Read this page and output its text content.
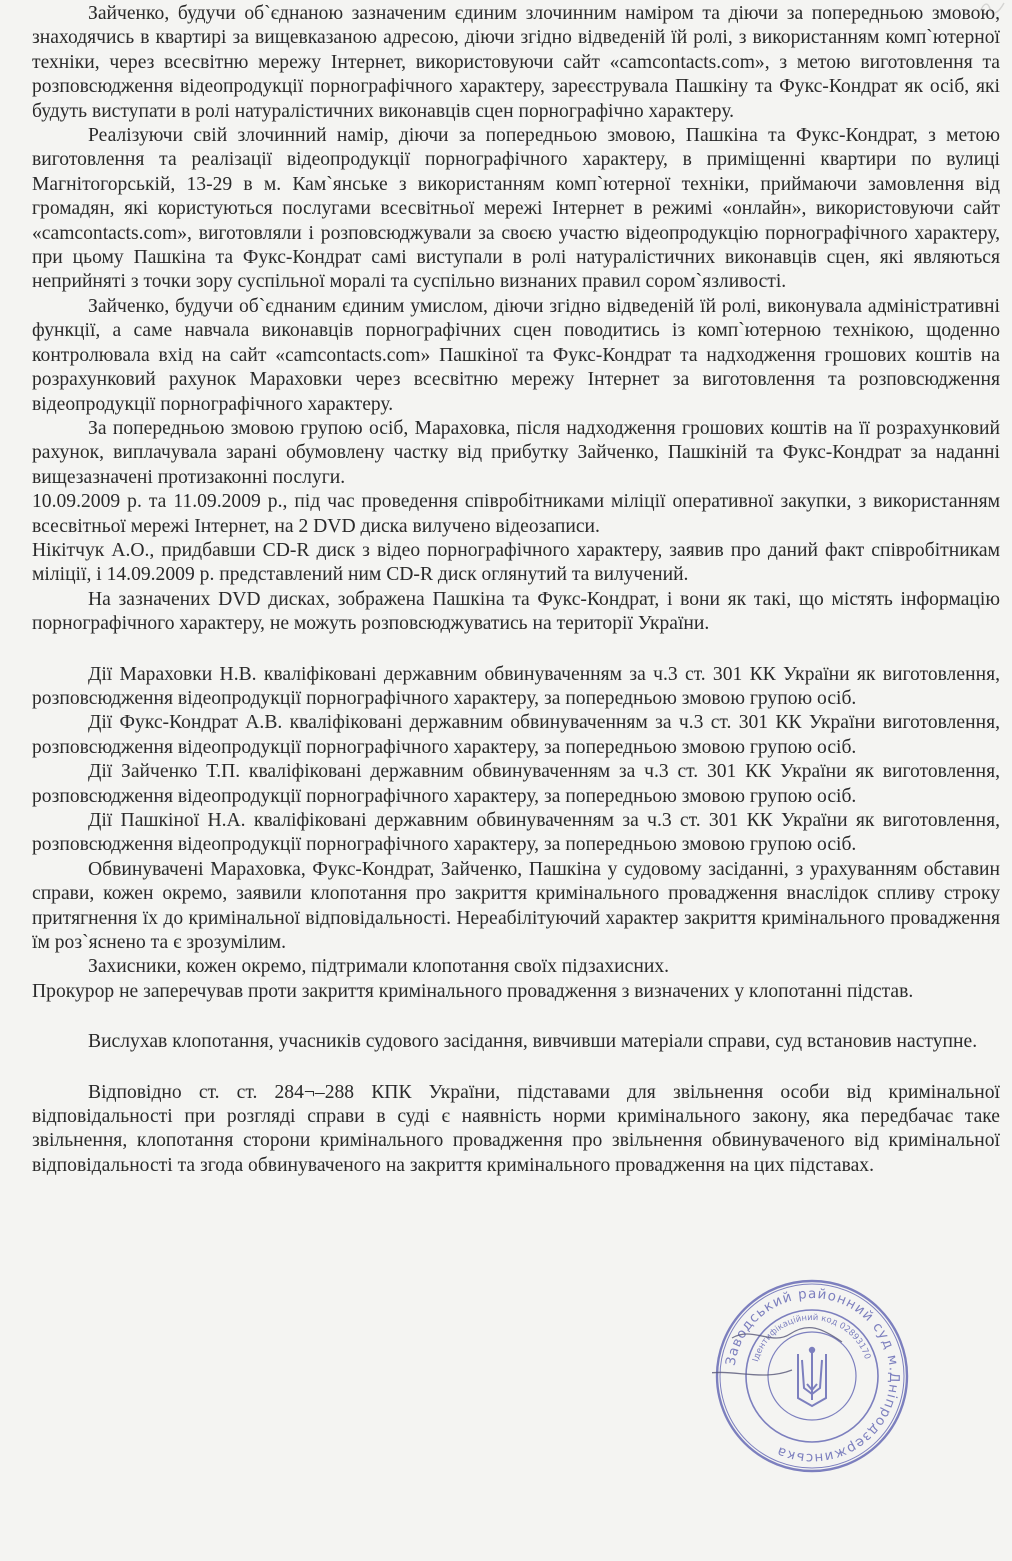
Зайченко, будучи об`єднаною зазначеним єдиним злочинним наміром та діючи за попередньою змовою, знаходячись в квартирі за вищевказаною адресою, діючи згідно відведеній їй ролі, з використанням комп`ютерної техніки, через всесвітню мережу Інтернет, використовуючи сайт «camcontacts.com», з метою виготовлення та розповсюдження відеопродукції порнографічного характеру, зареєструвала Пашкіну та Фукс-Кондрат як осіб, які будуть виступати в ролі натуралістичних виконавців сцен порнографічно характеру.

Реалізуючи свій злочинний намір, діючи за попередньою змовою, Пашкіна та Фукс-Кондрат, з метою виготовлення та реалізації відеопродукції порнографічного характеру, в приміщенні квартири по вулиці Магнітогорській, 13-29 в м. Кам`янське з використанням комп`ютерної техніки, приймаючи замовлення від громадян, які користуються послугами всесвітньої мережі Інтернет в режимі «онлайн», використовуючи сайт «camcontacts.com», виготовляли і розповсюджували за своєю участю відеопродукцію порнографічного характеру, при цьому Пашкіна та Фукс-Кондрат самі виступали в ролі натуралістичних виконавців сцен, які являються неприйняті з точки зору суспільної моралі та суспільно визнаних правил сором`язливості.

Зайченко, будучи об`єднаним єдиним умислом, діючи згідно відведеній їй ролі, виконувала адміністративні функції, а саме навчала виконавців порнографічних сцен поводитись із комп`ютерною технікою, щоденно контролювала вхід на сайт «camcontacts.com» Пашкіної та Фукс-Кондрат та надходження грошових коштів на розрахунковий рахунок Мараховки через всесвітню мережу Інтернет за виготовлення та розповсюдження відеопродукції порнографічного характеру.

За попередньою змовою групою осіб, Мараховка, після надходження грошових коштів на її розрахунковий рахунок, виплачувала зарані обумовлену частку від прибутку Зайченко, Пашкіній та Фукс-Кондрат за наданні вищезазначені протизаконні послуги.

10.09.2009 р. та 11.09.2009 р., під час проведення співробітниками міліції оперативної закупки, з використанням всесвітньої мережі Інтернет, на 2 DVD диска вилучено відеозаписи.

Нікітчук А.О., придбавши CD-R диск з відео порнографічного характеру, заявив про даний факт співробітникам міліції, і 14.09.2009 р. представлений ним CD-R диск оглянутий та вилучений.

На зазначених DVD дисках, зображена Пашкіна та Фукс-Кондрат, і вони як такі, що містять інформацію порнографічного характеру, не можуть розповсюджуватись на території України.

Дії Мараховки Н.В. кваліфіковані державним обвинуваченням за ч.3 ст. 301 КК України як виготовлення, розповсюдження відеопродукції порнографічного характеру, за попередньою змовою групою осіб.

Дії Фукс-Кондрат А.В. кваліфіковані державним обвинуваченням за ч.3 ст. 301 КК України виготовлення, розповсюдження відеопродукції порнографічного характеру, за попередньою змовою групою осіб.

Дії Зайченко Т.П. кваліфіковані державним обвинуваченням за ч.3 ст. 301 КК України як виготовлення, розповсюдження відеопродукції порнографічного характеру, за попередньою змовою групою осіб.

Дії Пашкіної Н.А. кваліфіковані державним обвинуваченням за ч.3 ст. 301 КК України як виготовлення, розповсюдження відеопродукції порнографічного характеру, за попередньою змовою групою осіб.

Обвинувачені Мараховка, Фукс-Кондрат, Зайченко, Пашкіна у судовому засіданні, з урахуванням обставин справи, кожен окремо, заявили клопотання про закриття кримінального провадження внаслідок спливу строку притягнення їх до кримінальної відповідальності. Нереабілітуючий характер закриття кримінального провадження їм роз`яснено та є зрозумілим.

Захисники, кожен окремо, підтримали клопотання своїх підзахисних.

Прокурор не заперечував проти закриття кримінального провадження з визначених у клопотанні підстав.

Вислухав клопотання, учасників судового засідання, вивчивши матеріали справи, суд встановив наступне.

Відповідно ст. ст. 284¬–288 КПК України, підставами для звільнення особи від кримінальної відповідальності при розгляді справи в суді є наявність норми кримінального закону, яка передбачає таке звільнення, клопотання сторони кримінального провадження про звільнення обвинуваченого від кримінальної відповідальності та згода обвинуваченого на закриття кримінального провадження на цих підставах.

Заводський районний суд м.Дніпродзержинська
Ідентифікаційний код 02893170
